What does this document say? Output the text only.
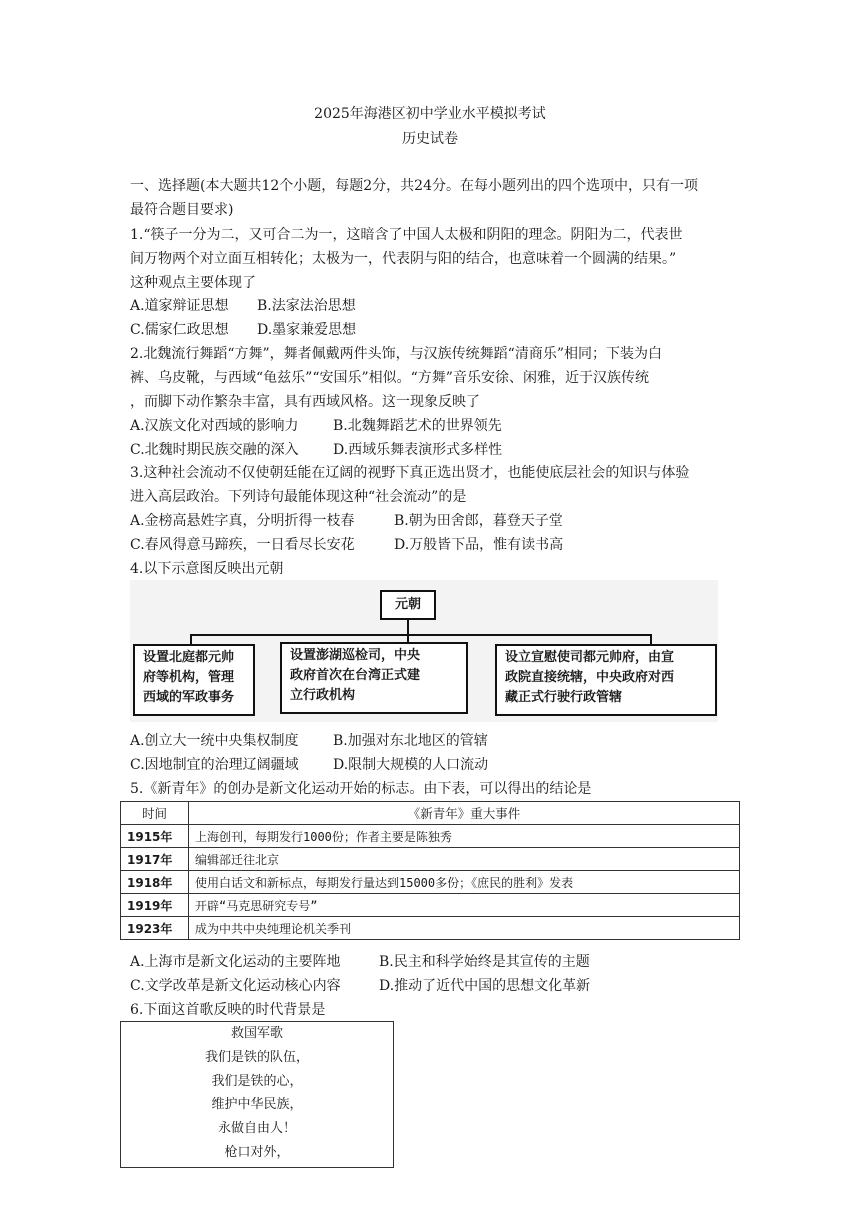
2025年海港区初中学业水平模拟考试
历史试卷
一、选择题(本大题共12个小题，每题2分，共24分。在每小题列出的四个选项中，只有一项
最符合题目要求)
1.“筷子一分为二，又可合二为一，这暗含了中国人太极和阴阳的理念。阴阳为二，代表世
间万物两个对立面互相转化；太极为一，代表阴与阳的结合，也意味着一个圆满的结果。”
这种观点主要体现了
A.道家辩证思想 B.法家法治思想
C.儒家仁政思想 D.墨家兼爱思想
2.北魏流行舞蹈“方舞”，舞者佩戴两件头饰，与汉族传统舞蹈“清商乐”相同；下装为白
裤、乌皮靴，与西域“龟兹乐”“安国乐”相似。“方舞”音乐安徐、闲雅，近于汉族传统
，而脚下动作繁杂丰富，具有西域风格。这一现象反映了
A.汉族文化对西域的影响力 B.北魏舞蹈艺术的世界领先
C.北魏时期民族交融的深入 D.西域乐舞表演形式多样性
3.这种社会流动不仅使朝廷能在辽阔的视野下真正选出贤才，也能使底层社会的知识与体验
进入高层政治。下列诗句最能体现这种“社会流动”的是
A.金榜高悬姓字真，分明折得一枝春	B.朝为田舍郎，暮登天子堂
C.春风得意马蹄疾，一日看尽长安花	D.万般皆下品，惟有读书高
4.以下示意图反映出元朝
元朝
设置北庭都元帅
府等机构，管理
西域的军政事务
设置澎湖巡检司，中央
政府首次在台湾正式建
立行政机构
设立宣慰使司都元帅府，由宣
政院直接统辖，中央政府对西
藏正式行驶行政管辖
A.创立大一统中央集权制度 B.加强对东北地区的管辖
C.因地制宜的治理辽阔疆域 D.限制大规模的人口流动
5.《新青年》的创办是新文化运动开始的标志。由下表，可以得出的结论是
时间	《新青年》重大事件
1915年	上海创刊，每期发行1000份；作者主要是陈独秀
1917年	编辑部迁往北京
1918年	使用白话文和新标点，每期发行量达到15000多份；《庶民的胜利》发表
1919年	开辟“马克思研究专号”
1923年	成为中共中央纯理论机关季刊
A.上海市是新文化运动的主要阵地	B.民主和科学始终是其宣传的主题
C.文学改革是新文化运动核心内容	D.推动了近代中国的思想文化革新
6.下面这首歌反映的时代背景是
救国军歌
我们是铁的队伍，
我们是铁的心，
维护中华民族，
永做自由人！
枪口对外，
